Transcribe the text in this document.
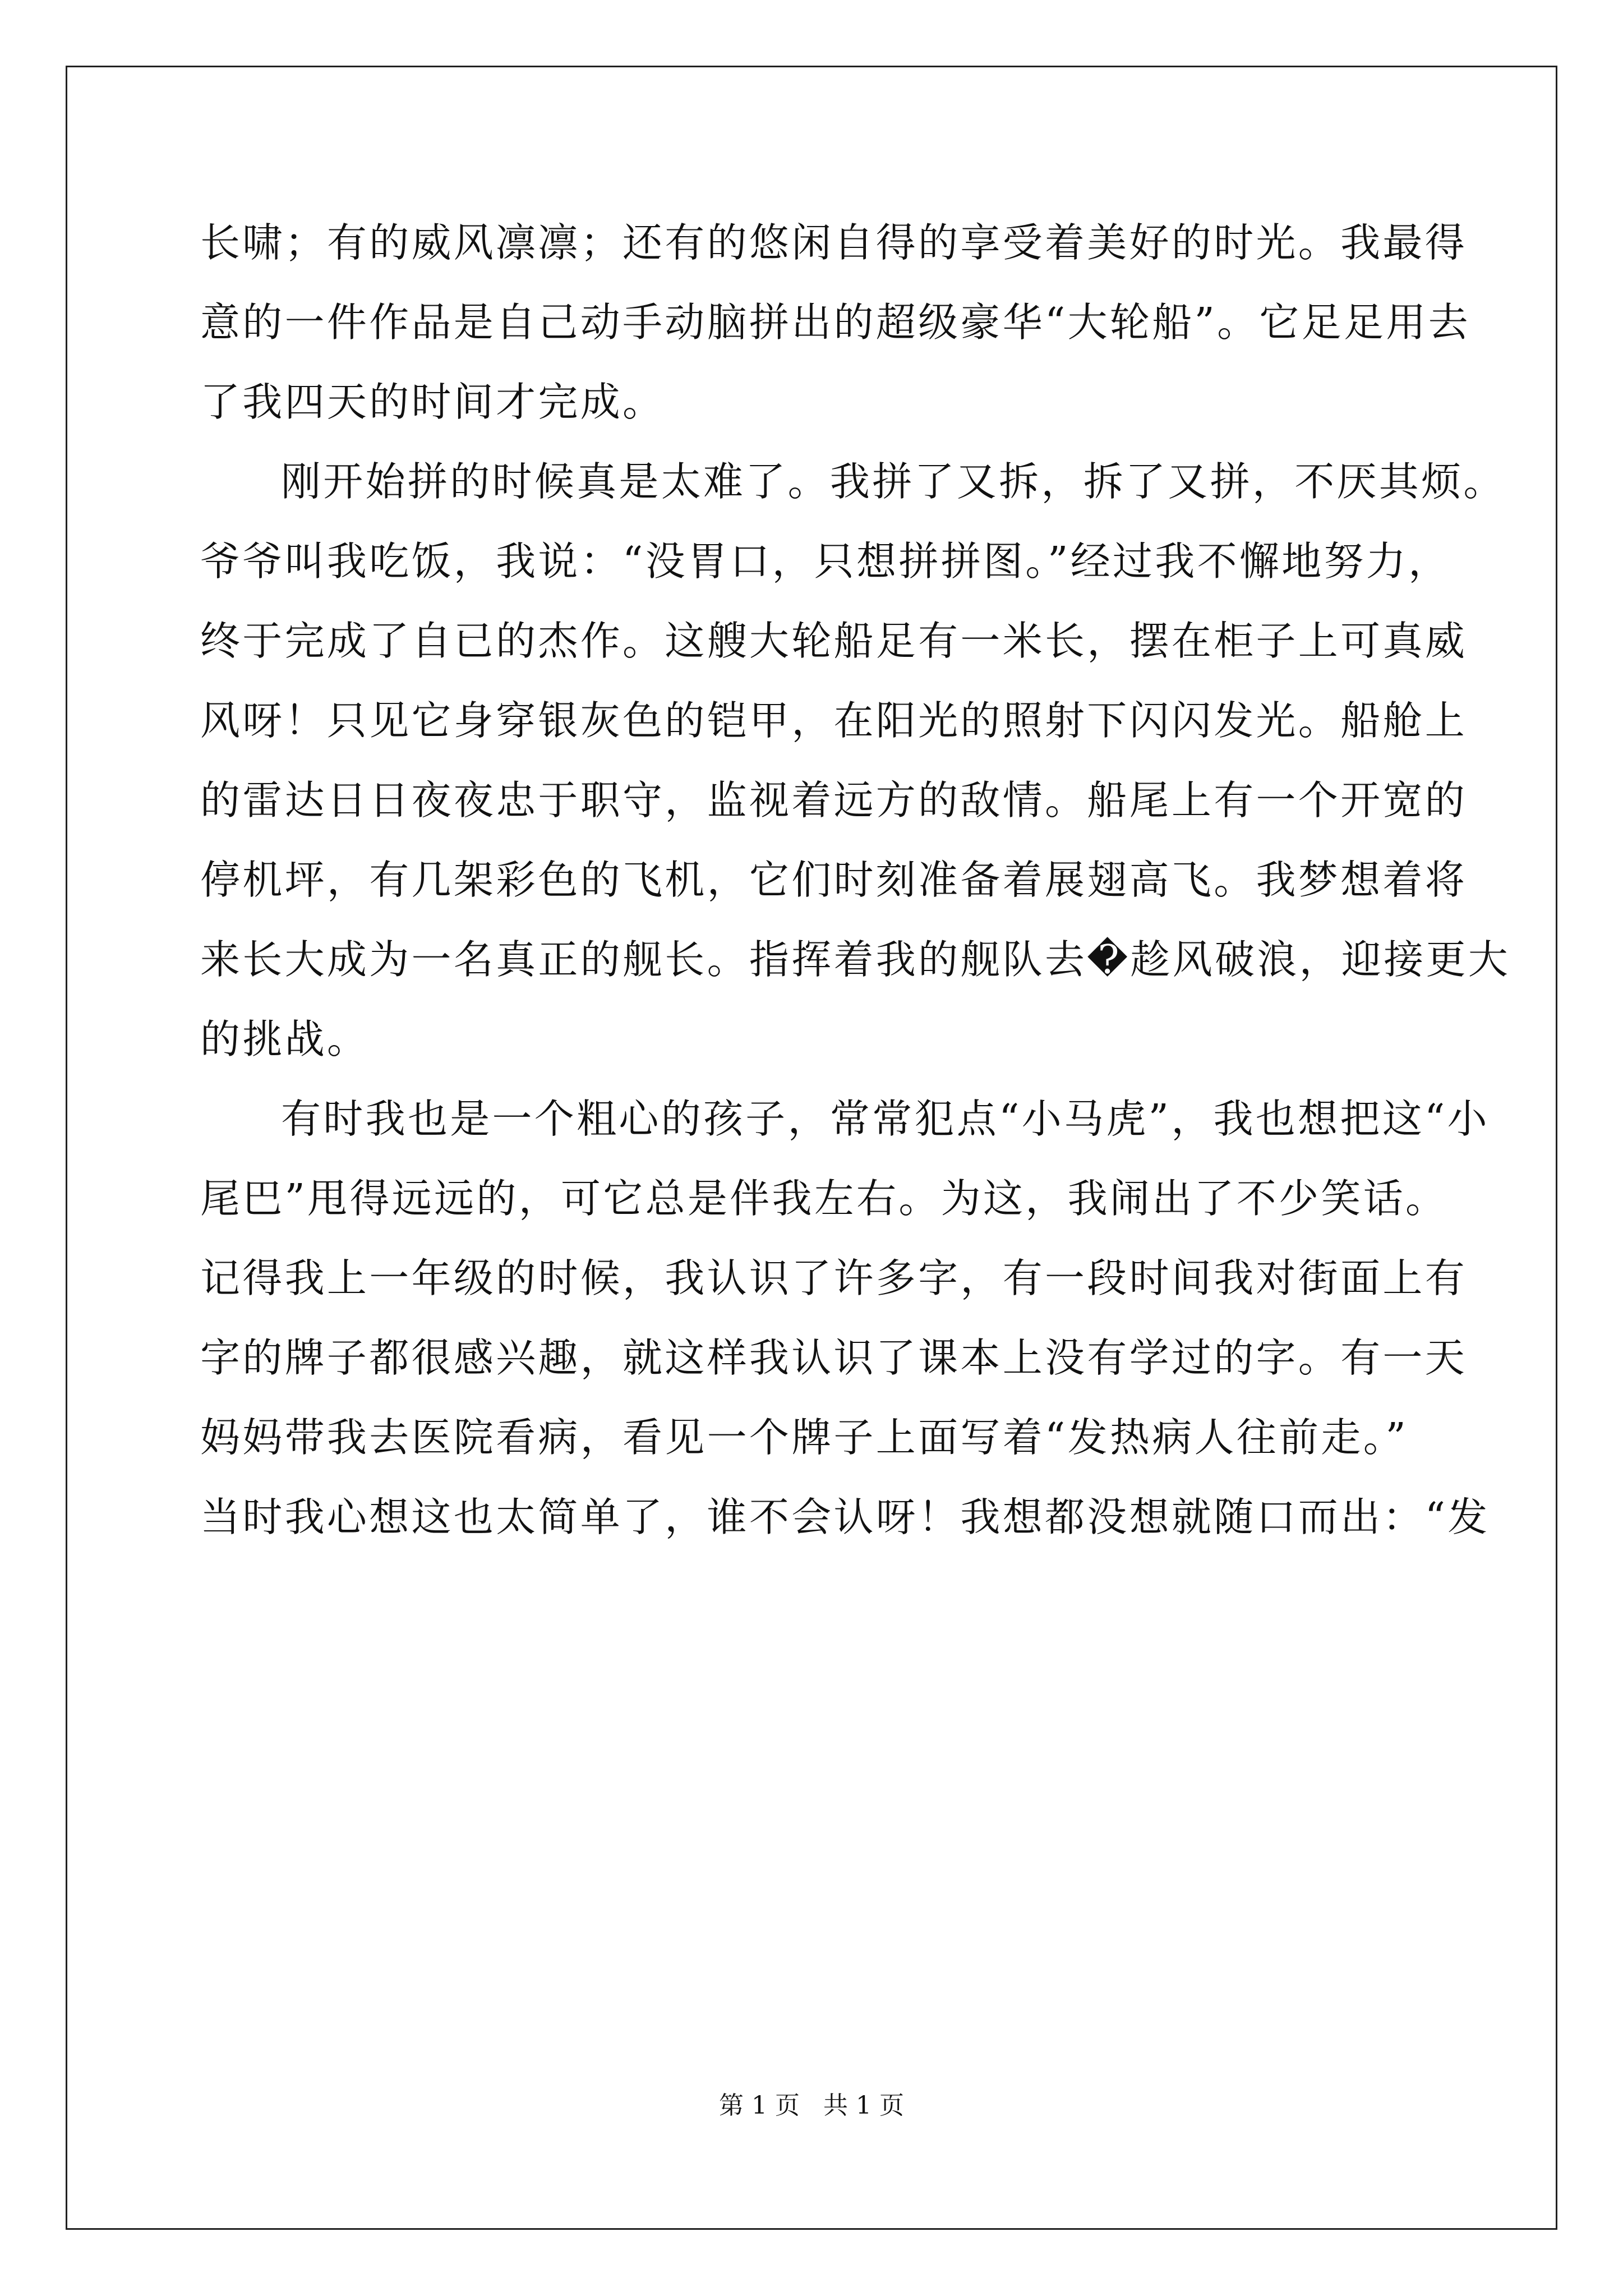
长啸；有的威风凛凛；还有的悠闲自得的享受着美好的时光。我最得
意的一件作品是自己动手动脑拼出的超级豪华“大轮船”。它足足用去
了我四天的时间才完成。
刚开始拼的时候真是太难了。我拼了又拆，拆了又拼，不厌其烦。
爷爷叫我吃饭，我说：“没胃口，只想拼拼图。”经过我不懈地努力，
终于完成了自已的杰作。这艘大轮船足有一米长，摆在柜子上可真威
风呀！只见它身穿银灰色的铠甲，在阳光的照射下闪闪发光。船舱上
的雷达日日夜夜忠于职守，监视着远方的敌情。船尾上有一个开宽的
停机坪，有几架彩色的飞机，它们时刻准备着展翅高飞。我梦想着将
来长大成为一名真正的舰长。指挥着我的舰队去�趁风破浪，迎接更大
的挑战。
有时我也是一个粗心的孩子，常常犯点“小马虎”，我也想把这“小
尾巴”甩得远远的，可它总是伴我左右。为这，我闹出了不少笑话。
记得我上一年级的时候，我认识了许多字，有一段时间我对街面上有
字的牌子都很感兴趣，就这样我认识了课本上没有学过的字。有一天
妈妈带我去医院看病，看见一个牌子上面写着“发热病人往前走。”
当时我心想这也太简单了，谁不会认呀！我想都没想就随口而出：“发
第 1 页   共 1 页
